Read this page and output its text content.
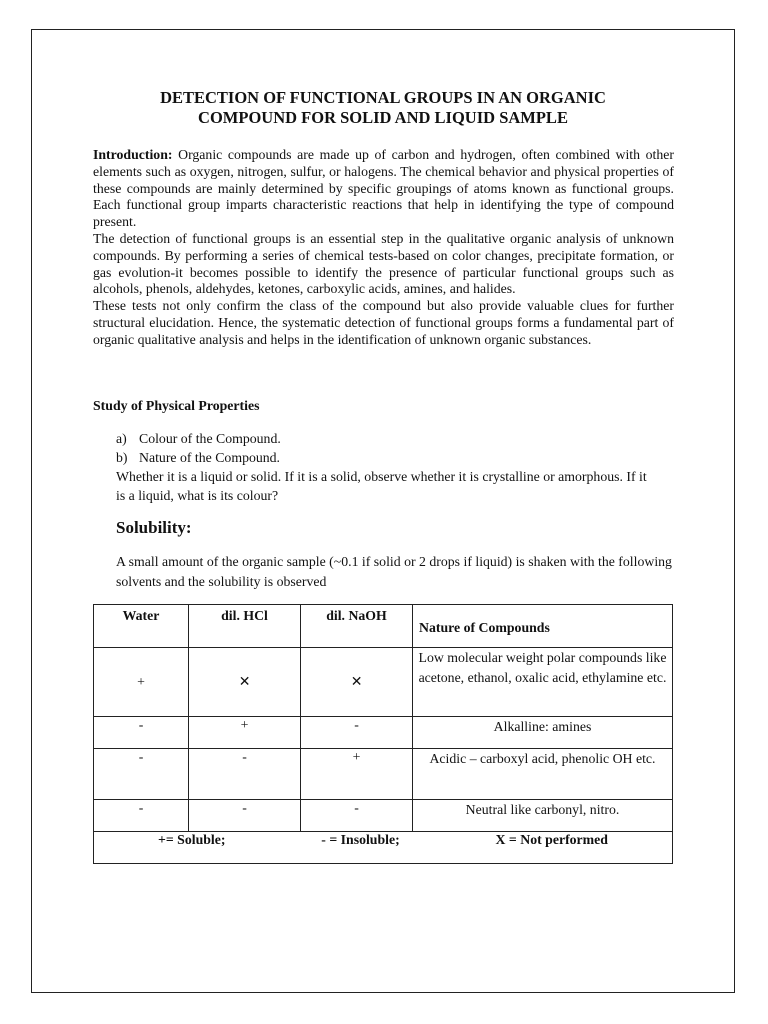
DETECTION OF FUNCTIONAL GROUPS IN AN ORGANIC
COMPOUND FOR SOLID AND LIQUID SAMPLE

Introduction: Organic compounds are made up of carbon and hydrogen, often combined with other elements such as oxygen, nitrogen, sulfur, or halogens. The chemical behavior and physical properties of these compounds are mainly determined by specific groupings of atoms known as functional groups. Each functional group imparts characteristic reactions that help in identifying the type of compound present.

The detection of functional groups is an essential step in the qualitative organic analysis of unknown compounds. By performing a series of chemical tests-based on color changes, precipitate formation, or gas evolution-it becomes possible to identify the presence of particular functional groups such as alcohols, phenols, aldehydes, ketones, carboxylic acids, amines, and halides.

These tests not only confirm the class of the compound but also provide valuable clues for further structural elucidation. Hence, the systematic detection of functional groups forms a fundamental part of organic qualitative analysis and helps in the identification of unknown organic substances.

Study of Physical Properties
a) Colour of the Compound.
b) Nature of the Compound.
Whether it is a liquid or solid. If it is a solid, observe whether it is crystalline or amorphous. If it is a liquid, what is its colour?
Solubility:

A small amount of the organic sample (~0.1 if solid or 2 drops if liquid) is shaken with the following solvents and the solubility is observed

Water	dil. HCl	dil. NaOH	Nature of Compounds
+	✕	✕	Low molecular weight polar compounds like acetone, ethanol, oxalic acid, ethylamine etc.
-	+	-	Alkalline: amines
-	-	+	Acidic – carboxyl acid, phenolic OH etc.
-	-	-	Neutral like carbonyl, nitro.

+= Soluble; - = Insoluble; X = Not performed			
